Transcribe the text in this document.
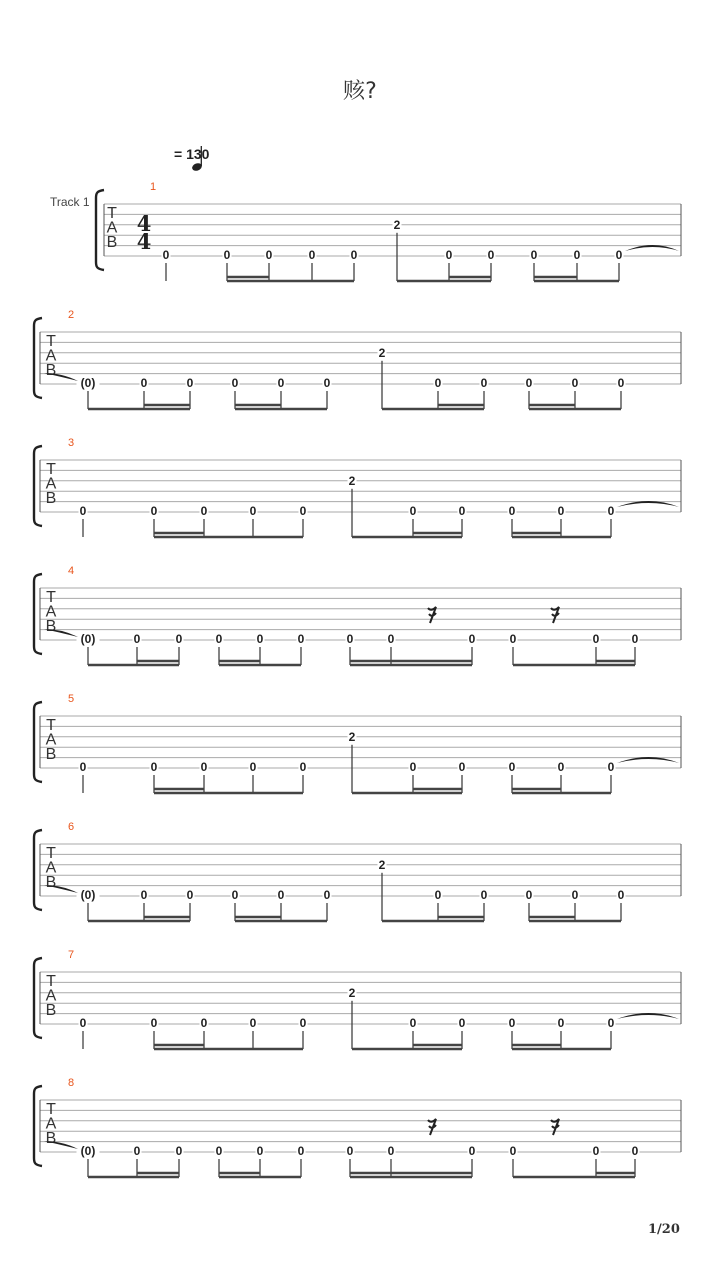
赅?
= 130
Track 1
T
A
B
4
4
1
0	0	0	0	0
2
0	0	0	0	0
T
A
B
2
(0)	0	0	0	0	0
2
0	0	0	0	0
T
A
B
3
0	0	0	0	0
2
0	0	0	0	0
T
A
B
4
(0)	0	0	0	0	0	0	0	0	0	0	0
T
A
B
5
0	0	0	0	0
2
0	0	0	0	0
T
A
B
6
(0)	0	0	0	0	0
2
0	0	0	0	0
T
A
B
7
0	0	0	0	0
2
0	0	0	0	0
T
A
B
8
(0)	0	0	0	0	0	0	0	0	0	0	0
1/20
